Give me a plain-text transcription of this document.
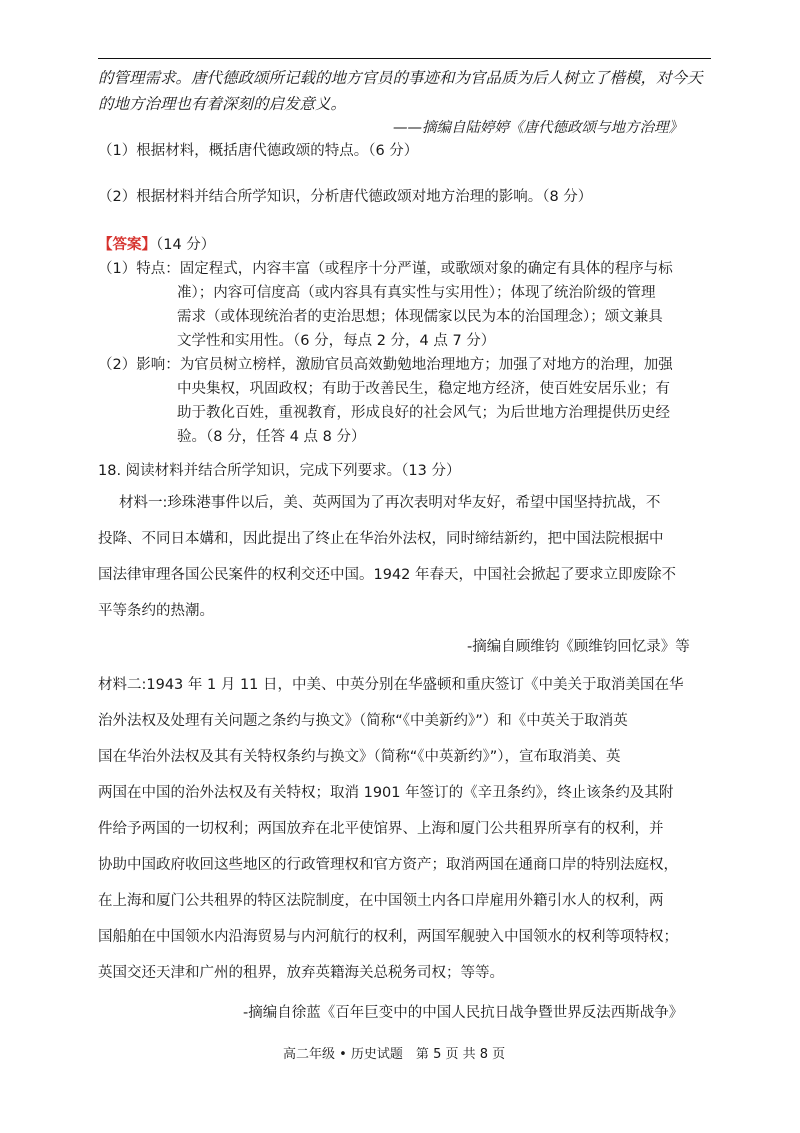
的管理需求。唐代德政颂所记载的地方官员的事迹和为官品质为后人树立了楷模，对今天
的地方治理也有着深刻的启发意义。
——摘编自陆婷婷《唐代德政颂与地方治理》
（1）根据材料，概括唐代德政颂的特点。（6 分）
（2）根据材料并结合所学知识，分析唐代德政颂对地方治理的影响。（8 分）
【答案】（14 分）
（1）特点：固定程式，内容丰富（或程序十分严谨，或歌颂对象的确定有具体的程序与标
准）；内容可信度高（或内容具有真实性与实用性）；体现了统治阶级的管理
需求（或体现统治者的吏治思想；体现儒家以民为本的治国理念）；颂文兼具
文学性和实用性。（6 分，每点 2 分，4 点 7 分）
（2）影响：为官员树立榜样，激励官员高效勤勉地治理地方；加强了对地方的治理，加强
中央集权，巩固政权；有助于改善民生，稳定地方经济，使百姓安居乐业；有
助于教化百姓，重视教育，形成良好的社会风气；为后世地方治理提供历史经
验。（8 分，任答 4 点 8 分）
18. 阅读材料并结合所学知识，完成下列要求。（13 分）
材料一:珍珠港事件以后，美、英两国为了再次表明对华友好，希望中国坚持抗战，不
投降、不同日本媾和，因此提出了终止在华治外法权，同时缔结新约，把中国法院根据中
国法律审理各国公民案件的权利交还中国。1942 年春天，中国社会掀起了要求立即废除不
平等条约的热潮。
-摘编自顾维钧《顾维钧回忆录》等
材料二:1943 年 1 月 11 日，中美、中英分别在华盛顿和重庆签订《中美关于取消美国在华
治外法权及处理有关问题之条约与换文》（简称“《中美新约》”）和《中英关于取消英
国在华治外法权及其有关特权条约与换文》（简称“《中英新约》”），宣布取消美、英
两国在中国的治外法权及有关特权；取消 1901 年签订的《辛丑条约》，终止该条约及其附
件给予两国的一切权利；两国放弃在北平使馆界、上海和厦门公共租界所享有的权利，并
协助中国政府收回这些地区的行政管理权和官方资产；取消两国在通商口岸的特别法庭权，
在上海和厦门公共租界的特区法院制度，在中国领土内各口岸雇用外籍引水人的权利，两
国船舶在中国领水内沿海贸易与内河航行的权利，两国军舰驶入中国领水的权利等项特权；
英国交还天津和广州的租界，放弃英籍海关总税务司权；等等。
-摘编自徐蓝《百年巨变中的中国人民抗日战争暨世界反法西斯战争》
高二年级 • 历史试题　第 5 页 共 8 页
